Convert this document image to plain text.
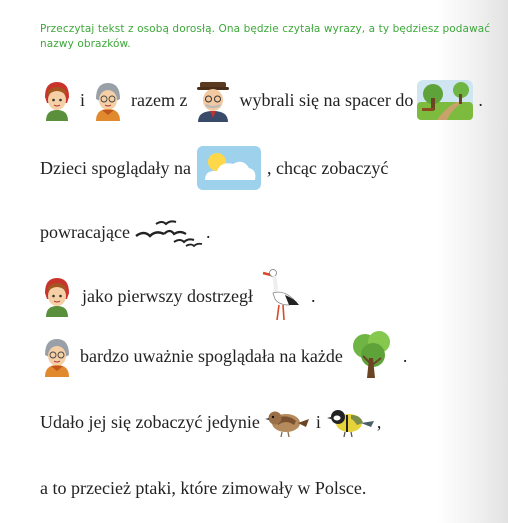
Przeczytaj tekst z osobą dorosłą. Ona będzie czytała wyrazy, a ty będziesz podawać nazwy obrazków.
i	razem z	wybrali się na spacer do	.
Dzieci spoglądały na	, chcąc zobaczyć
powracające	.
jako pierwszy dostrzegł	.
bardzo uważnie spoglądała na każde	.
Udało jej się zobaczyć jedynie	i	,
a to przecież ptaki, które zimowały w Polsce.
